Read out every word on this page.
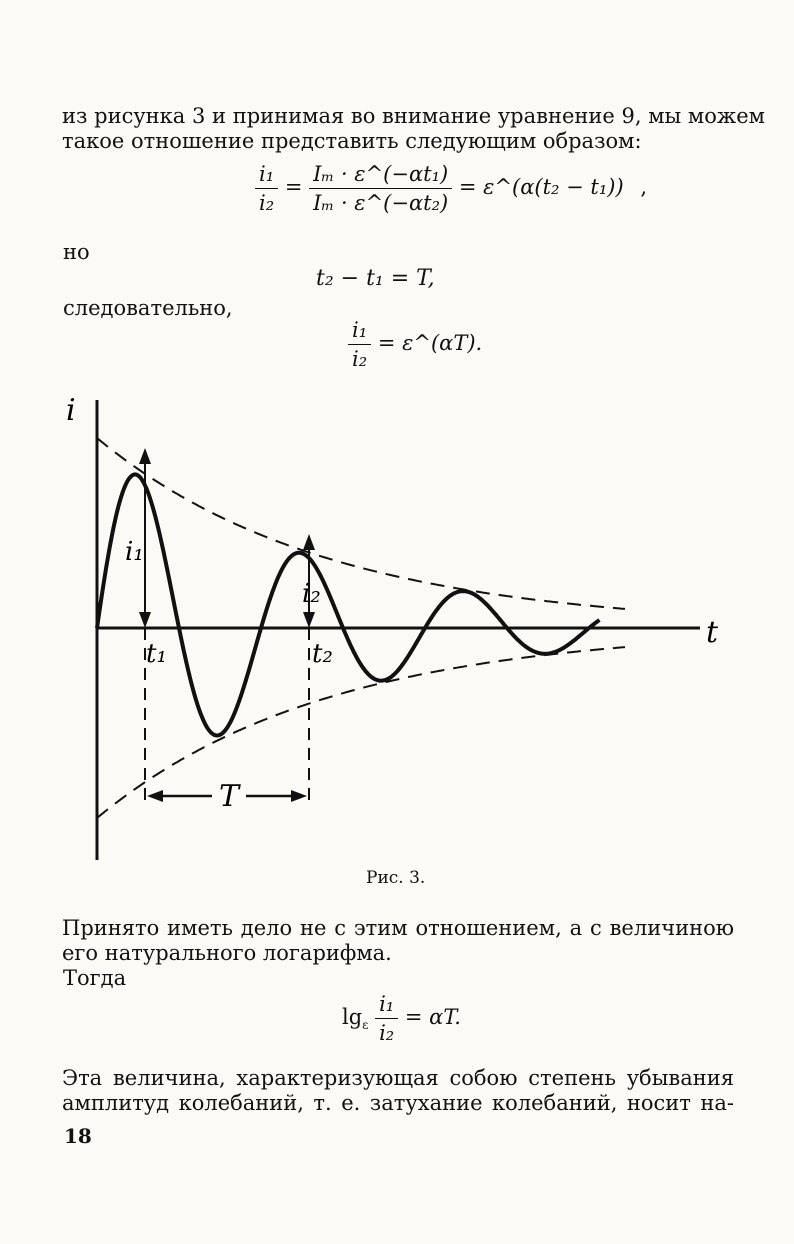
из рисунка 3 и принимая во внимание уравнение 9, мы можем
такое отношение представить следующим образом:
$\frac{\text{i₁}}{\text{i₂}} = \frac{\text{Iₘ · ε\textasciicircum{}(−αt₁)}}{\text{Iₘ · ε\textasciicircum{}(−αt₂)}}$ = ε^(α(t₂ − t₁)) ,
но
t₂ − t₁ = T,
следовательно,
$\frac{\text{i₁}}{\text{i₂}}$ = ε^(αT).
i
t
i₁
i₂
t₁	t₂
T
Рис. 3.
Принято иметь дело не с этим отношением, а с величиною
его натурального логарифма.
Тогда
$\lg_\varepsilon \frac{\text{i₁}}{\text{i₂}} = \alpha T$.
Эта величина, характеризующая собою степень убывания
амплитуд колебаний, т. е. затухание колебаний, носит на-
18
